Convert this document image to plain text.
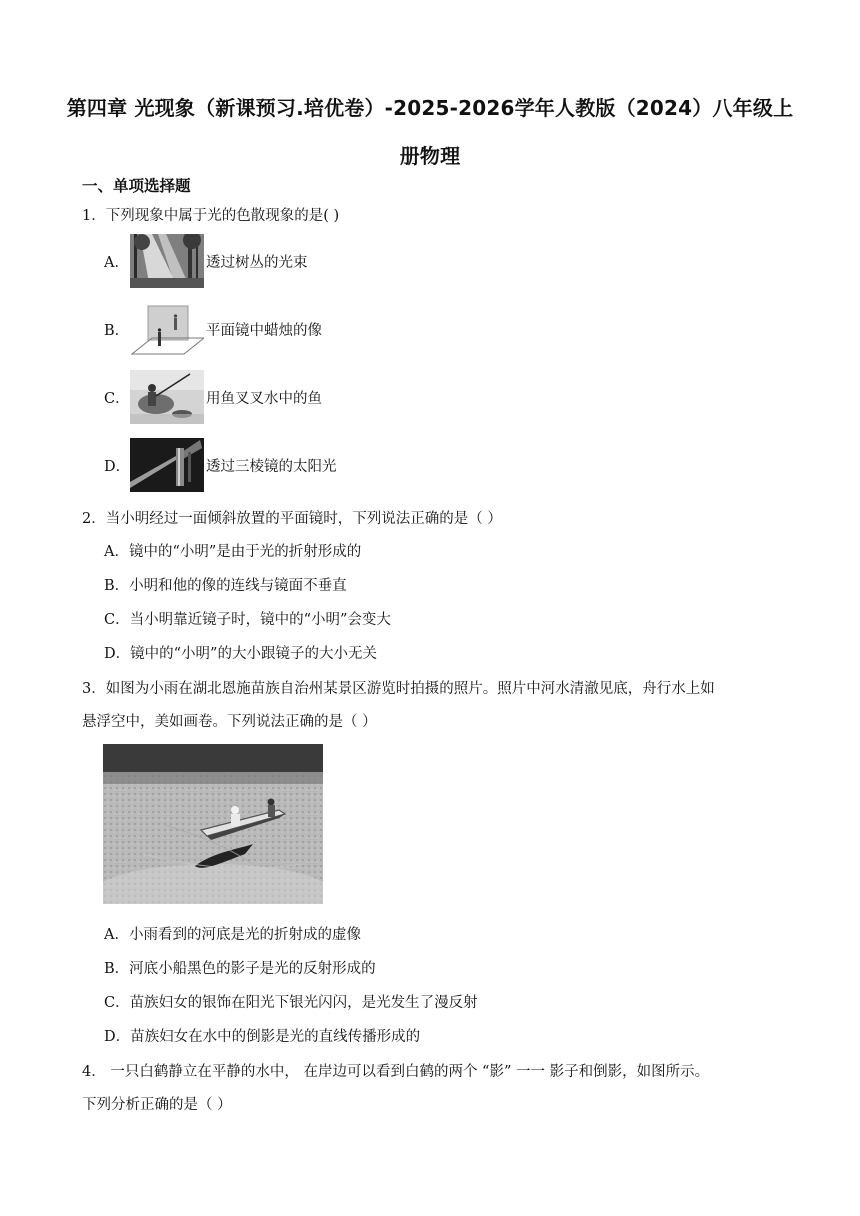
第四章 光现象（新课预习.培优卷）-2025-2026学年人教版（2024）八年级上
册物理
一、单项选择题
1．下列现象中属于光的色散现象的是( )
A．	透过树丛的光束
B．	平面镜中蜡烛的像
C．	用鱼叉叉水中的鱼
D．	透过三棱镜的太阳光
2．当小明经过一面倾斜放置的平面镜时，下列说法正确的是（ ）
A．镜中的“小明”是由于光的折射形成的
B．小明和他的像的连线与镜面不垂直
C．当小明靠近镜子时，镜中的“小明”会变大
D．镜中的“小明”的大小跟镜子的大小无关
3．如图为小雨在湖北恩施苗族自治州某景区游览时拍摄的照片。照片中河水清澈见底，舟行水上如
悬浮空中，美如画卷。下列说法正确的是（ ）
A．小雨看到的河底是光的折射成的虚像
B．河底小船黑色的影子是光的反射形成的
C．苗族妇女的银饰在阳光下银光闪闪，是光发生了漫反射
D．苗族妇女在水中的倒影是光的直线传播形成的
4． 一只白鹤静立在平静的水中， 在岸边可以看到白鹤的两个 “影” 一一 影子和倒影，如图所示。
下列分析正确的是（ ）
